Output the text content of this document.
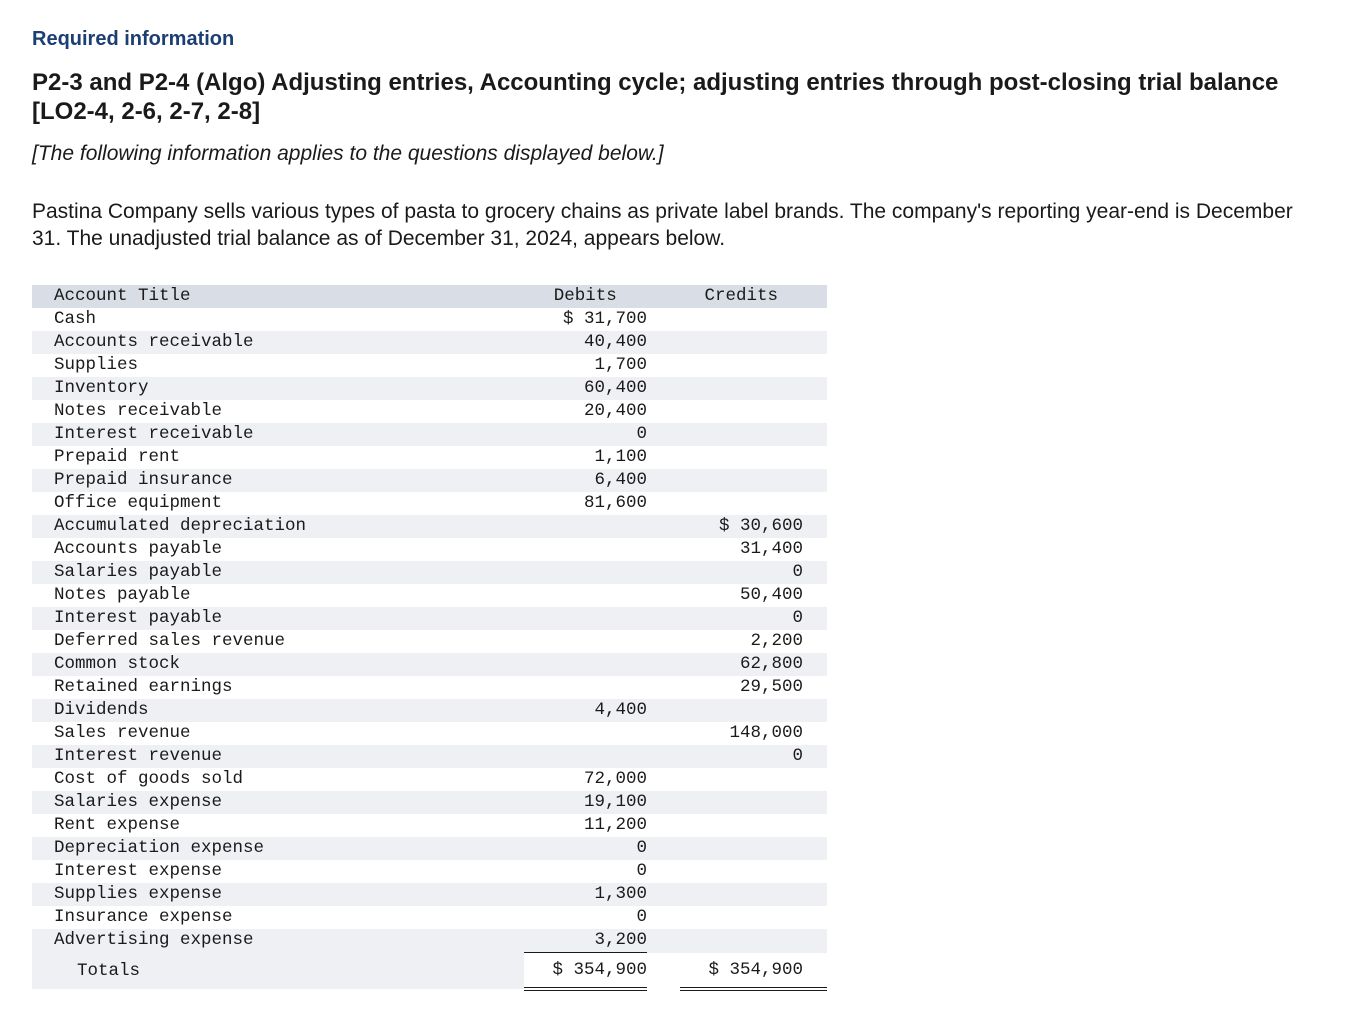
Required information

P2-3 and P2-4 (Algo) Adjusting entries, Accounting cycle; adjusting entries through post-closing trial balance [LO2-4, 2-6, 2-7, 2-8]

[The following information applies to the questions displayed below.]

Pastina Company sells various types of pasta to grocery chains as private label brands. The company's reporting year-end is December 31. The unadjusted trial balance as of December 31, 2024, appears below.

Account Title	Debits		Credits
Cash	$ 31,700		
Accounts receivable	40,400		
Supplies	1,700		
Inventory	60,400		
Notes receivable	20,400		
Interest receivable	0		
Prepaid rent	1,100		
Prepaid insurance	6,400		
Office equipment	81,600		
Accumulated depreciation			$ 30,600
Accounts payable			31,400
Salaries payable			0
Notes payable			50,400
Interest payable			0
Deferred sales revenue			2,200
Common stock			62,800
Retained earnings			29,500
Dividends	4,400		
Sales revenue			148,000
Interest revenue			0
Cost of goods sold	72,000		
Salaries expense	19,100		
Rent expense	11,200		
Depreciation expense	0		
Interest expense	0		
Supplies expense	1,300		
Insurance expense	0		
Advertising expense	3,200		
Totals	$ 354,900		$ 354,900
